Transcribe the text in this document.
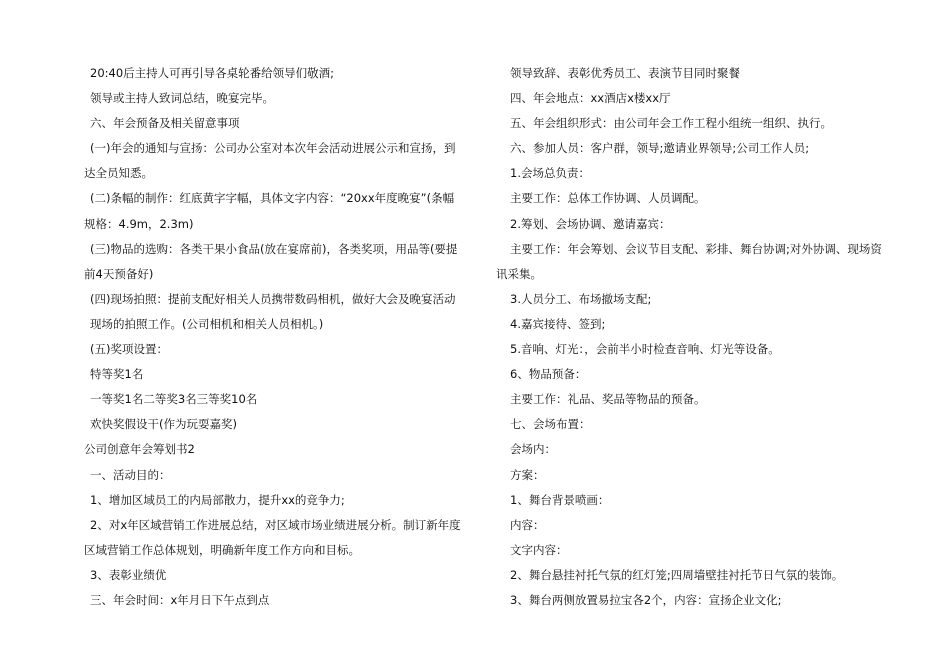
20:40后主持人可再引导各桌轮番给领导们敬酒;
领导或主持人致词总结，晚宴完毕。
六、年会预备及相关留意事项
(一)年会的通知与宣扬：公司办公室对本次年会活动进展公示和宣扬，到
达全员知悉。
(二)条幅的制作：红底黄字字幅，具体文字内容：“20xx年度晚宴”(条幅
规格：4.9m，2.3m)
(三)物品的选购：各类干果小食品(放在宴席前)，各类奖项，用品等(要提
前4天预备好)
(四)现场拍照：提前支配好相关人员携带数码相机，做好大会及晚宴活动
现场的拍照工作。(公司相机和相关人员相机。)
(五)奖项设置：
特等奖1名
一等奖1名二等奖3名三等奖10名
欢快奖假设干(作为玩耍嘉奖)
公司创意年会筹划书2
一、活动目的：
1、增加区域员工的内局部散力，提升xx的竞争力;
2、对x年区域营销工作进展总结，对区域市场业绩进展分析。制订新年度
区域营销工作总体规划，明确新年度工作方向和目标。
3、表彰业绩优
三、年会时间：x年月日下午点到点
领导致辞、表彰优秀员工、表演节目同时聚餐
四、年会地点：xx酒店x楼xx厅
五、年会组织形式：由公司年会工作工程小组统一组织、执行。
六、参加人员：客户群，领导;邀请业界领导;公司工作人员;
1.会场总负责：
主要工作：总体工作协调、人员调配。
2.筹划、会场协调、邀请嘉宾：
主要工作：年会筹划、会议节目支配、彩排、舞台协调;对外协调、现场资
讯采集。
3.人员分工、布场撤场支配;
4.嘉宾接待、签到;
5.音响、灯光：，会前半小时检查音响、灯光等设备。
6、物品预备：
主要工作：礼品、奖品等物品的预备。
七、会场布置：
会场内：
方案：
1、舞台背景喷画：
内容：
文字内容：
2、舞台悬挂衬托气氛的红灯笼;四周墙壁挂衬托节日气氛的装饰。
3、舞台两侧放置易拉宝各2个，内容：宣扬企业文化;
